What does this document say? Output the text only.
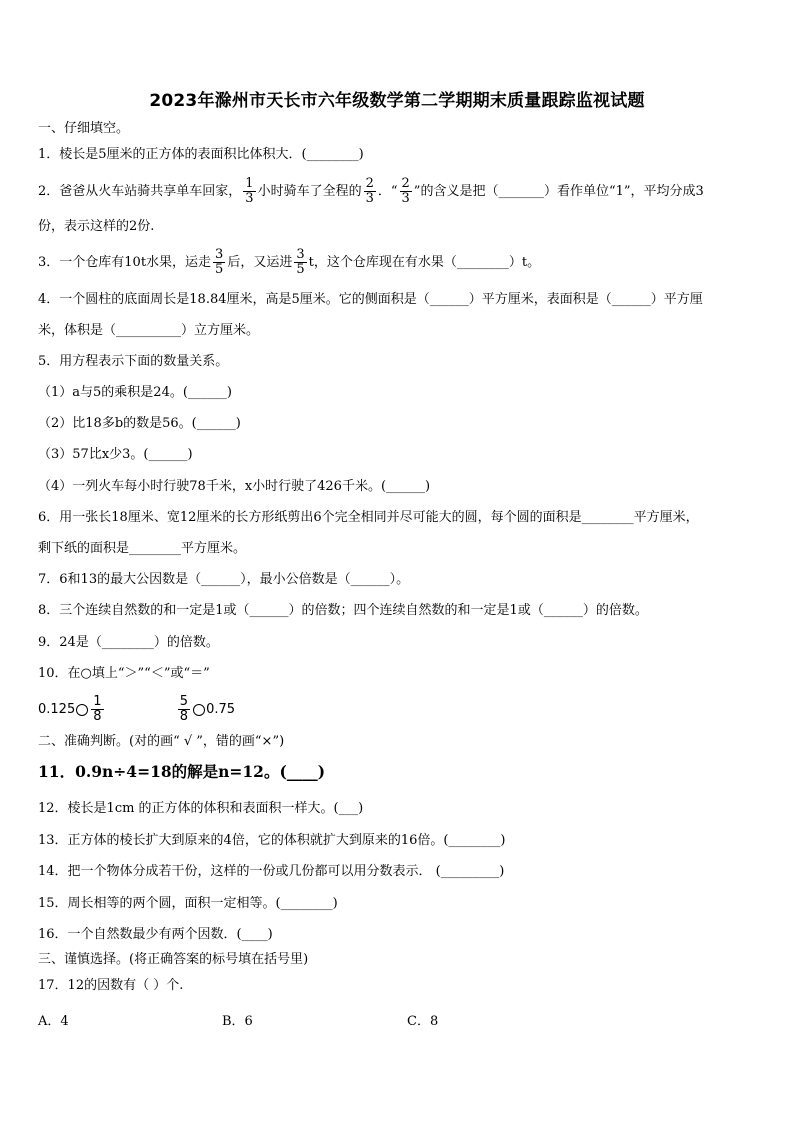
2023年滁州市天长市六年级数学第二学期期末质量跟踪监视试题
一、仔细填空。
1．棱长是5厘米的正方体的表面积比体积大．(________)
2．爸爸从火车站骑共享单车回家， $\frac{1}{3}$ 小时骑车了全程的 $\frac{2}{3}$ ．“ $\frac{2}{3}$ ”的含义是把（_______）看作单位“1”，平均分成3
份，表示这样的2份.
3．一个仓库有10t水果，运走 $\frac{3}{5}$ 后，又运进 $\frac{3}{5}$ t，这个仓库现在有水果（________）t。
4．一个圆柱的底面周长是18.84厘米，高是5厘米。它的侧面积是（______）平方厘米，表面积是（______）平方厘
米，体积是（__________）立方厘米。
5．用方程表示下面的数量关系。
（1）a与5的乘积是24。(______)
（2）比18多b的数是56。(______)
（3）57比x少3。(______)
（4）一列火车每小时行驶78千米，x小时行驶了426千米。(______)
6．用一张长18厘米、宽12厘米的长方形纸剪出6个完全相同并尽可能大的圆，每个圆的面积是________平方厘米，
剩下纸的面积是________平方厘米。
7．6和13的最大公因数是（______），最小公倍数是（______）。
8．三个连续自然数的和一定是1或（______）的倍数；四个连续自然数的和一定是1或（______）的倍数。
9．24是（________）的倍数。
10．在○填上“＞”“＜”或“＝”
$0.125 \frac{1}{8}$
	$\frac{5}{8} 0.75$
二、准确判断。(对的画“ √ ”，错的画“×”)
11．0.9n÷4=18的解是n=12。(____)
12．棱长是1cm 的正方体的体积和表面积一样大。(___)
13．正方体的棱长扩大到原来的4倍，它的体积就扩大到原来的16倍。(________)
14．把一个物体分成若干份，这样的一份或几份都可以用分数表示． (_________)
15．周长相等的两个圆，面积一定相等。(________)
16．一个自然数最少有两个因数．(____)
三、谨慎选择。(将正确答案的标号填在括号里)
17．12的因数有（ ）个.
A．4	B．6	C．8
